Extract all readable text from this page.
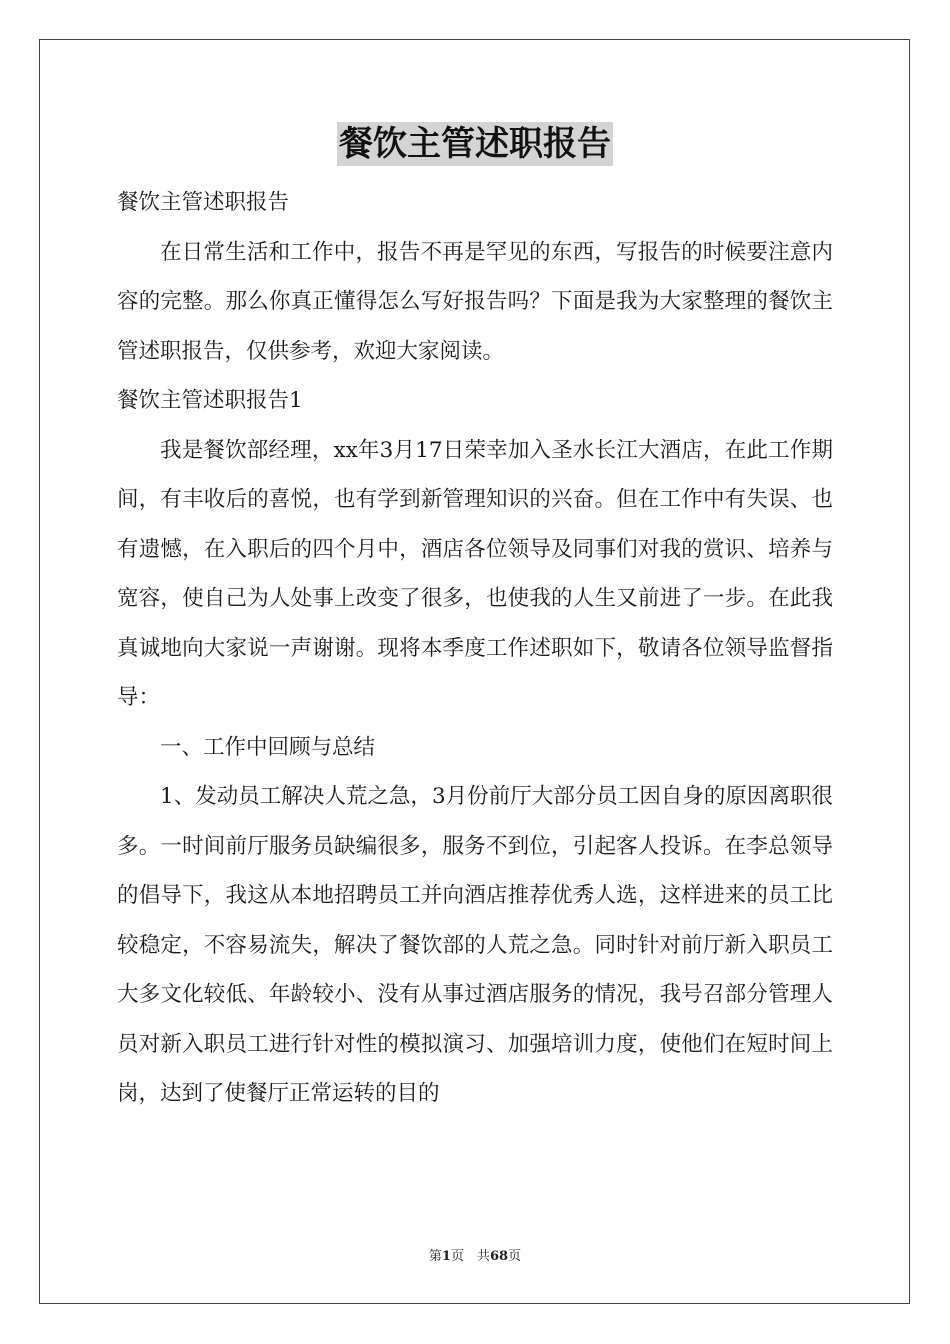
餐饮主管述职报告

餐饮主管述职报告

在日常生活和工作中，报告不再是罕见的东西，写报告的时候要注意内容的完整。那么你真正懂得怎么写好报告吗？下面是我为大家整理的餐饮主管述职报告，仅供参考，欢迎大家阅读。

餐饮主管述职报告1

我是餐饮部经理，xx年3月17日荣幸加入圣水长江大酒店，在此工作期间，有丰收后的喜悦，也有学到新管理知识的兴奋。但在工作中有失误、也有遗憾，在入职后的四个月中，酒店各位领导及同事们对我的赏识、培养与宽容，使自己为人处事上改变了很多，也使我的人生又前进了一步。在此我真诚地向大家说一声谢谢。现将本季度工作述职如下，敬请各位领导监督指导：

一、工作中回顾与总结

1、发动员工解决人荒之急，3月份前厅大部分员工因自身的原因离职很多。一时间前厅服务员缺编很多，服务不到位，引起客人投诉。在李总领导的倡导下，我这从本地招聘员工并向酒店推荐优秀人选，这样进来的员工比较稳定，不容易流失，解决了餐饮部的人荒之急。同时针对前厅新入职员工大多文化较低、年龄较小、没有从事过酒店服务的情况，我号召部分管理人员对新入职员工进行针对性的模拟演习、加强培训力度，使他们在短时间上岗，达到了使餐厅正常运转的目的

第1页　共68页
